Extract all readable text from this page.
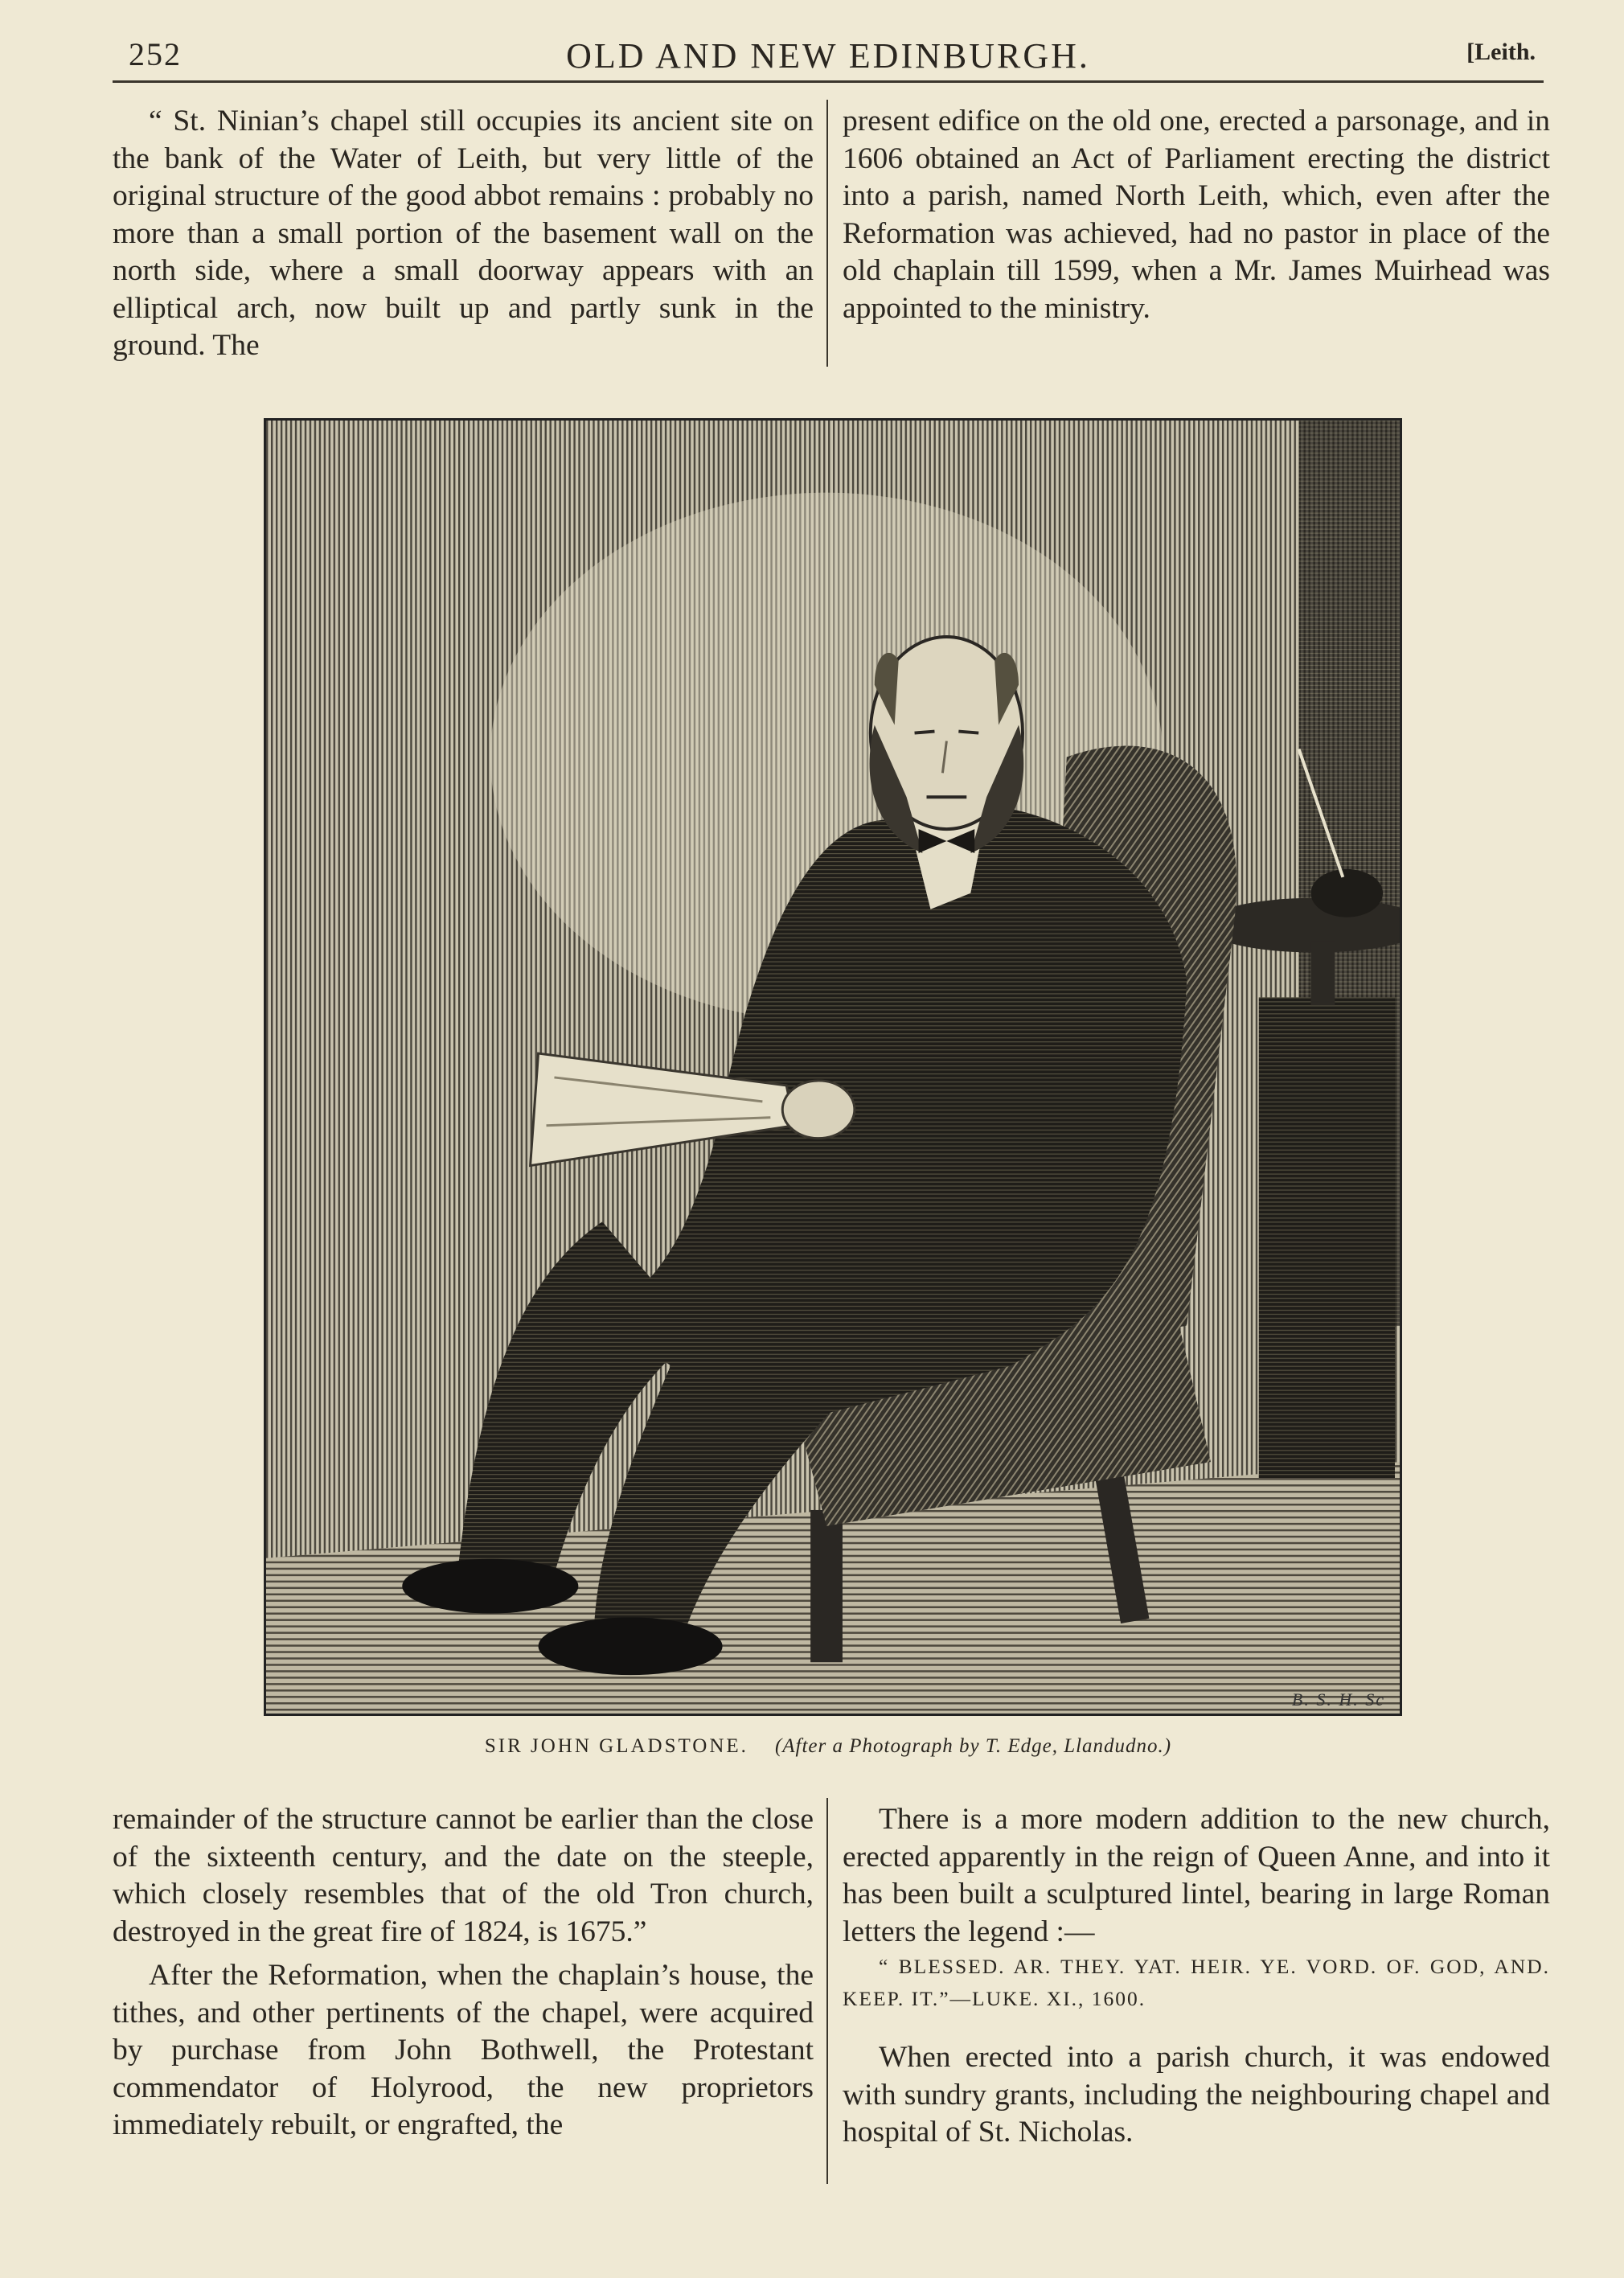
252	OLD AND NEW EDINBURGH.	[Leith.

“ St. Ninian’s chapel still occupies its ancient site on the bank of the Water of Leith, but very little of the original structure of the good abbot remains : probably no more than a small portion of the basement wall on the north side, where a small doorway appears with an elliptical arch, now built up and partly sunk in the ground. The

present edifice on the old one, erected a parsonage, and in 1606 obtained an Act of Parliament erecting the district into a parish, named North Leith, which, even after the Reformation was achieved, had no pastor in place of the old chaplain till 1599, when a Mr. James Muirhead was appointed to the ministry.

B. S. H. Sc
SIR JOHN GLADSTONE. (After a Photograph by T. Edge, Llandudno.)

remainder of the structure cannot be earlier than the close of the sixteenth century, and the date on the steeple, which closely resembles that of the old Tron church, destroyed in the great fire of 1824, is 1675.”

After the Reformation, when the chaplain’s house, the tithes, and other pertinents of the chapel, were acquired by purchase from John Bothwell, the Protestant commendator of Holyrood, the new proprietors immediately rebuilt, or engrafted, the

There is a more modern addition to the new church, erected apparently in the reign of Queen Anne, and into it has been built a sculptured lintel, bearing in large Roman letters the legend :—

“ BLESSED. AR. THEY. YAT. HEIR. YE. VORD. OF. GOD, AND. KEEP. IT.”—LUKE. XI., 1600.

When erected into a parish church, it was endowed with sundry grants, including the neighbouring chapel and hospital of St. Nicholas.
